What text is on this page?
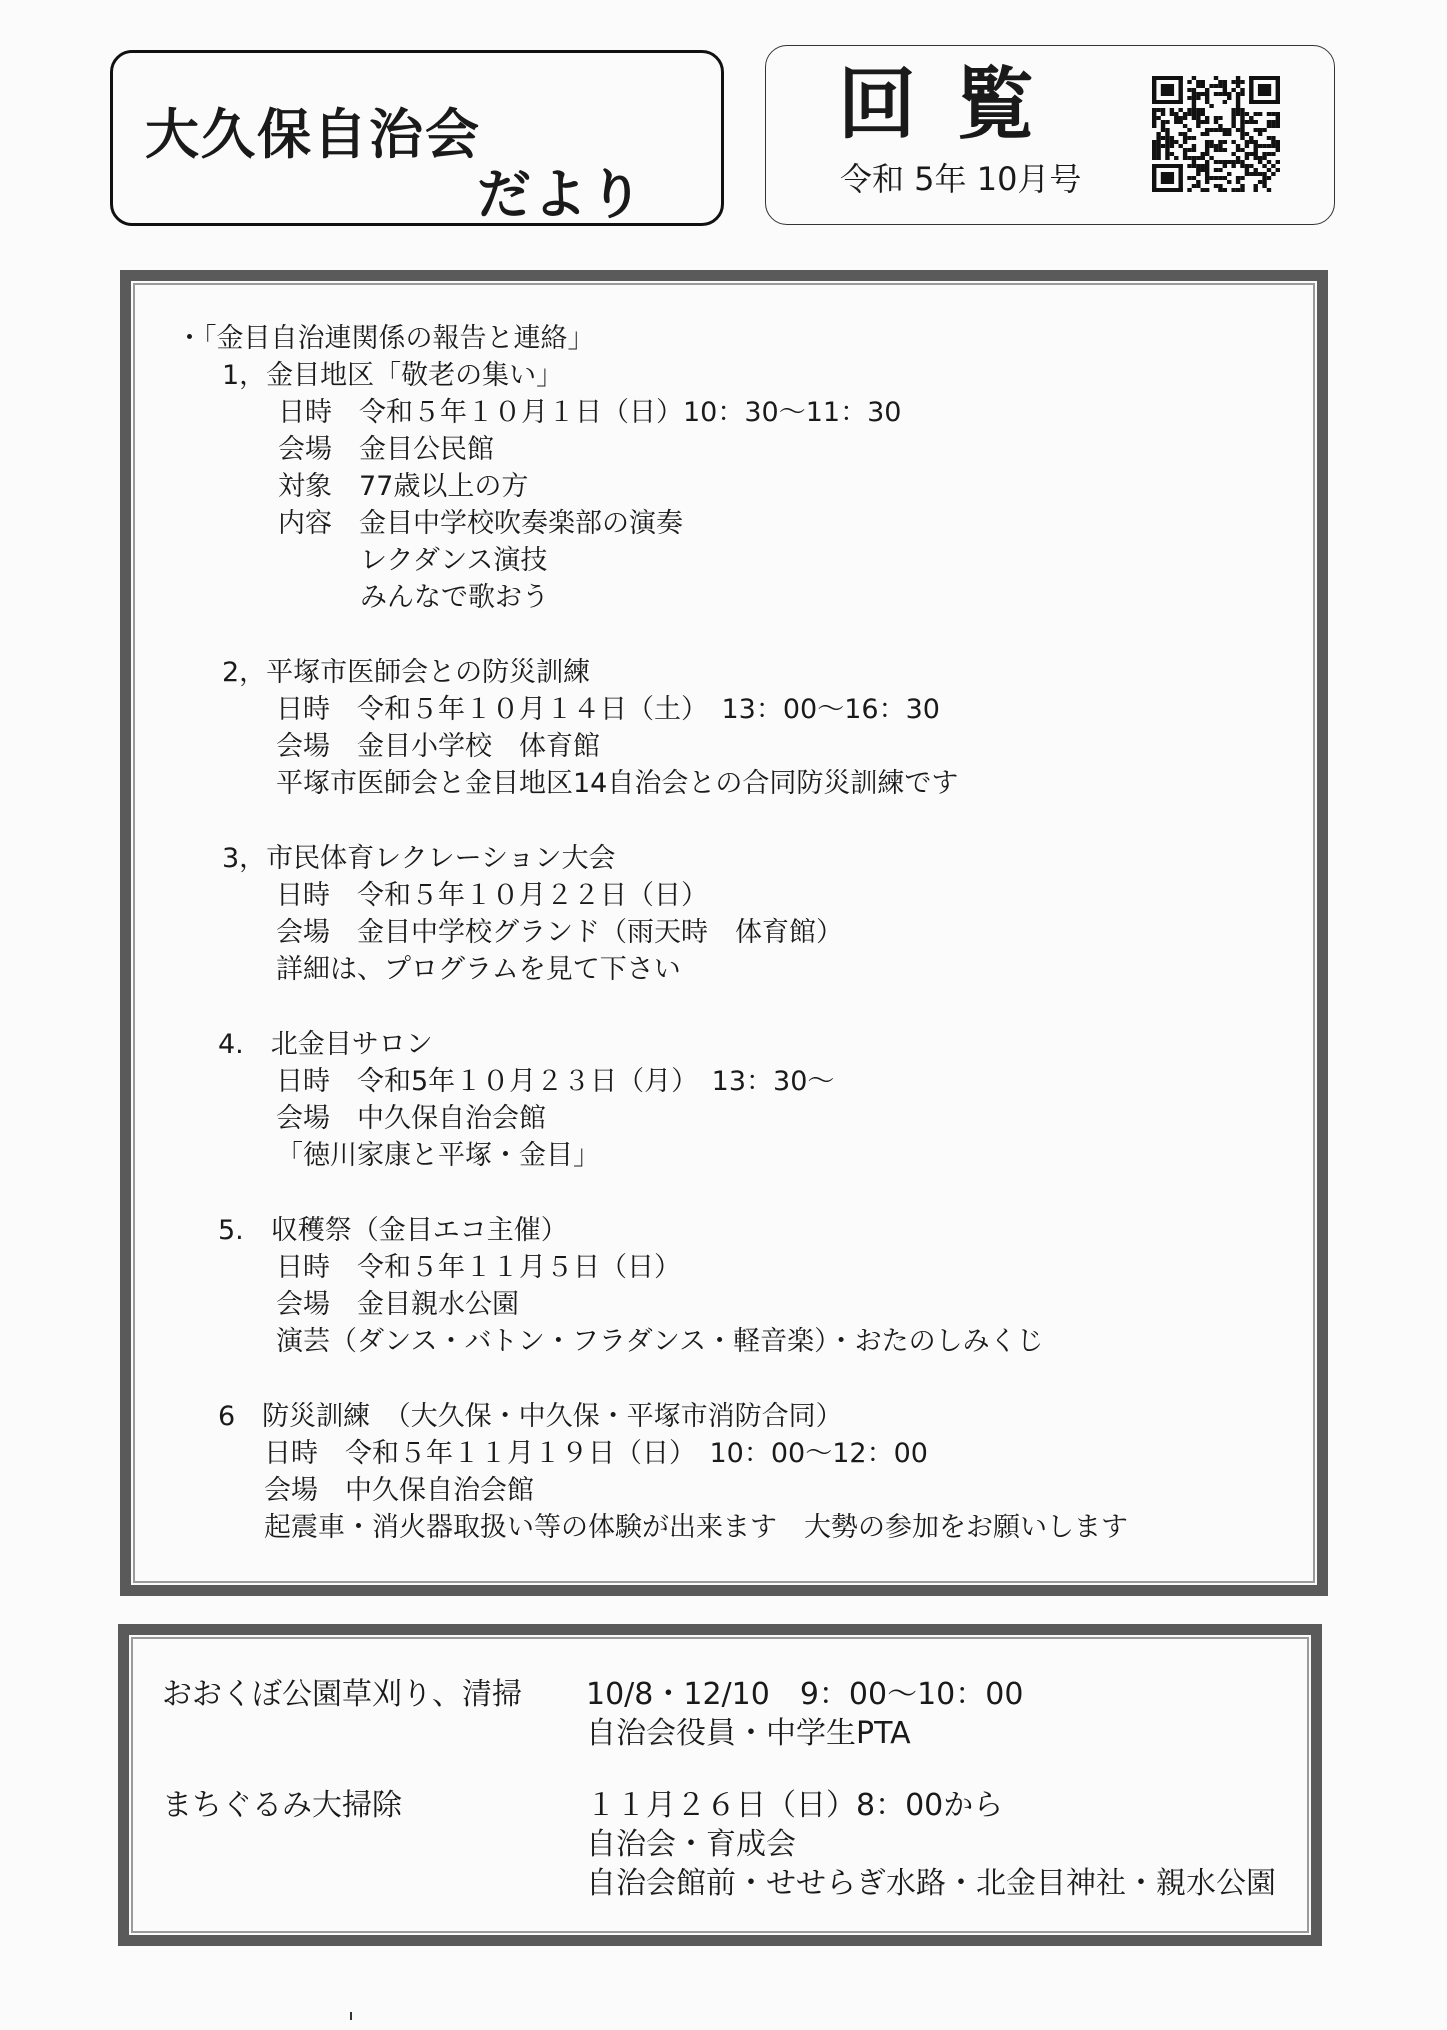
大久保自治会
だより
回覧
令和 5年 10月号
・「金目自治連関係の報告と連絡」
1，金目地区「敬老の集い」
日時　令和５年１０月１日（日）10：30～11：30
会場　金目公民館
対象　77歳以上の方
内容　金目中学校吹奏楽部の演奏
レクダンス演技
みんなで歌おう
2，平塚市医師会との防災訓練
日時　令和５年１０月１４日（土）　13：00～16：30
会場　金目小学校　体育館
平塚市医師会と金目地区14自治会との合同防災訓練です
3，市民体育レクレーション大会
日時　令和５年１０月２２日（日）
会場　金目中学校グランド（雨天時　体育館）
詳細は、プログラムを見て下さい
4.　北金目サロン
日時　令和5年１０月２３日（月）　13：30～
会場　中久保自治会館
「徳川家康と平塚・金目」
5.　収穫祭（金目エコ主催）
日時　令和５年１１月５日（日）
会場　金目親水公園
演芸（ダンス・バトン・フラダンス・軽音楽）・おたのしみくじ
6　防災訓練　（大久保・中久保・平塚市消防合同）
日時　令和５年１１月１９日（日）　10：00～12：00
会場　中久保自治会館
起震車・消火器取扱い等の体験が出来ます　大勢の参加をお願いします
おおくぼ公園草刈り、清掃 10/8・12/10　9：00～10：00
自治会役員・中学生PTA
まちぐるみ大掃除	１１月２６日（日）8：00から
自治会・育成会
自治会館前・せせらぎ水路・北金目神社・親水公園
